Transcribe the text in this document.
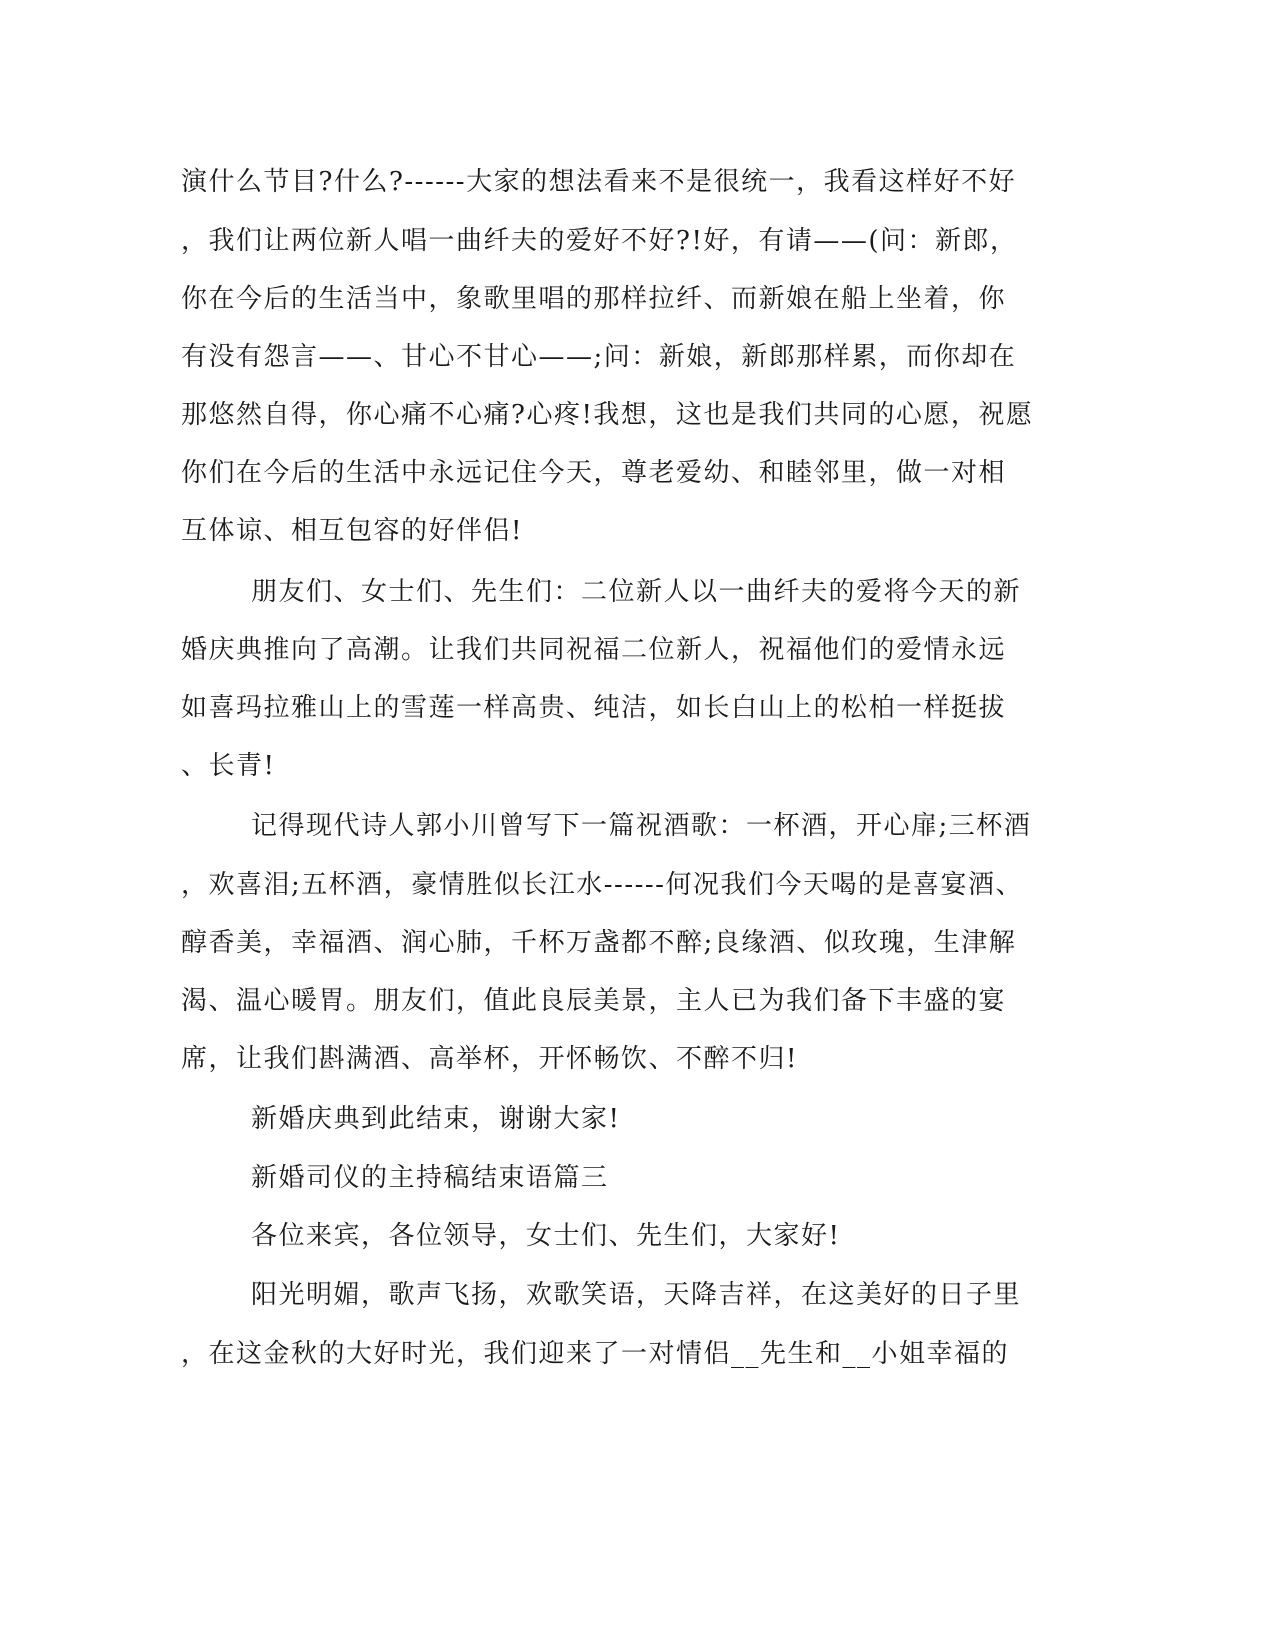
演什么节目?什么?------大家的想法看来不是很统一，我看这样好不好
，我们让两位新人唱一曲纤夫的爱好不好?!好，有请——(问：新郎，
你在今后的生活当中，象歌里唱的那样拉纤、而新娘在船上坐着，你
有没有怨言——、甘心不甘心——;问：新娘，新郎那样累，而你却在
那悠然自得，你心痛不心痛?心疼!我想，这也是我们共同的心愿，祝愿
你们在今后的生活中永远记住今天，尊老爱幼、和睦邻里，做一对相
互体谅、相互包容的好伴侣!
朋友们、女士们、先生们：二位新人以一曲纤夫的爱将今天的新
婚庆典推向了高潮。让我们共同祝福二位新人，祝福他们的爱情永远
如喜玛拉雅山上的雪莲一样高贵、纯洁，如长白山上的松柏一样挺拔
、长青!
记得现代诗人郭小川曾写下一篇祝酒歌：一杯酒，开心扉;三杯酒
，欢喜泪;五杯酒，豪情胜似长江水------何况我们今天喝的是喜宴酒、
醇香美，幸福酒、润心肺，千杯万盏都不醉;良缘酒、似玫瑰，生津解
渴、温心暖胃。朋友们，值此良辰美景，主人已为我们备下丰盛的宴
席，让我们斟满酒、高举杯，开怀畅饮、不醉不归!
新婚庆典到此结束，谢谢大家!
新婚司仪的主持稿结束语篇三
各位来宾，各位领导，女士们、先生们，大家好!
阳光明媚，歌声飞扬，欢歌笑语，天降吉祥，在这美好的日子里
，在这金秋的大好时光，我们迎来了一对情侣__先生和__小姐幸福的
